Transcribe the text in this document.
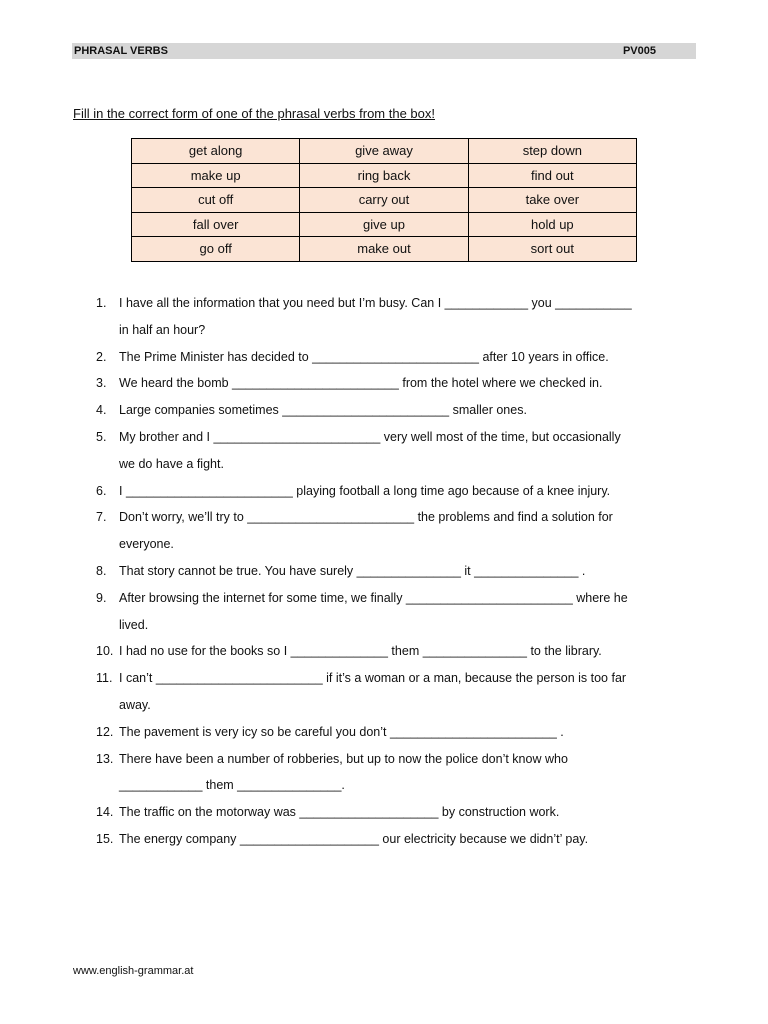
PHRASAL VERBS	PV005
Fill in the correct form of one of the phrasal verbs from the box!
get along	give away	step down
make up	ring back	find out
cut off	carry out	take over
fall over	give up	hold up
go off	make out	sort out
1.	I have all the information that you need but I’m busy. Can I ____________ you ___________
in half an hour?
2.	The Prime Minister has decided to ________________________ after 10 years in office.
3.	We heard the bomb ________________________ from the hotel where we checked in.
4.	Large companies sometimes ________________________ smaller ones.
5.	My brother and I ________________________ very well most of the time, but occasionally
we do have a fight.
6.	I ________________________ playing football a long time ago because of a knee injury.
7.	Don’t worry, we’ll try to ________________________ the problems and find a solution for
everyone.
8.	That story cannot be true. You have surely _______________ it _______________ .
9.	After browsing the internet for some time, we finally ________________________ where he
lived.
10. I had no use for the books so I ______________ them _______________ to the library.
11. I can’t ________________________ if it’s a woman or a man, because the person is too far
away.
12. The pavement is very icy so be careful you don’t ________________________ .
13. There have been a number of robberies, but up to now the police don’t know who
____________ them _______________.
14. The traffic on the motorway was ____________________ by construction work.
15. The energy company ____________________ our electricity because we didn’t’ pay.
www.english-grammar.at
